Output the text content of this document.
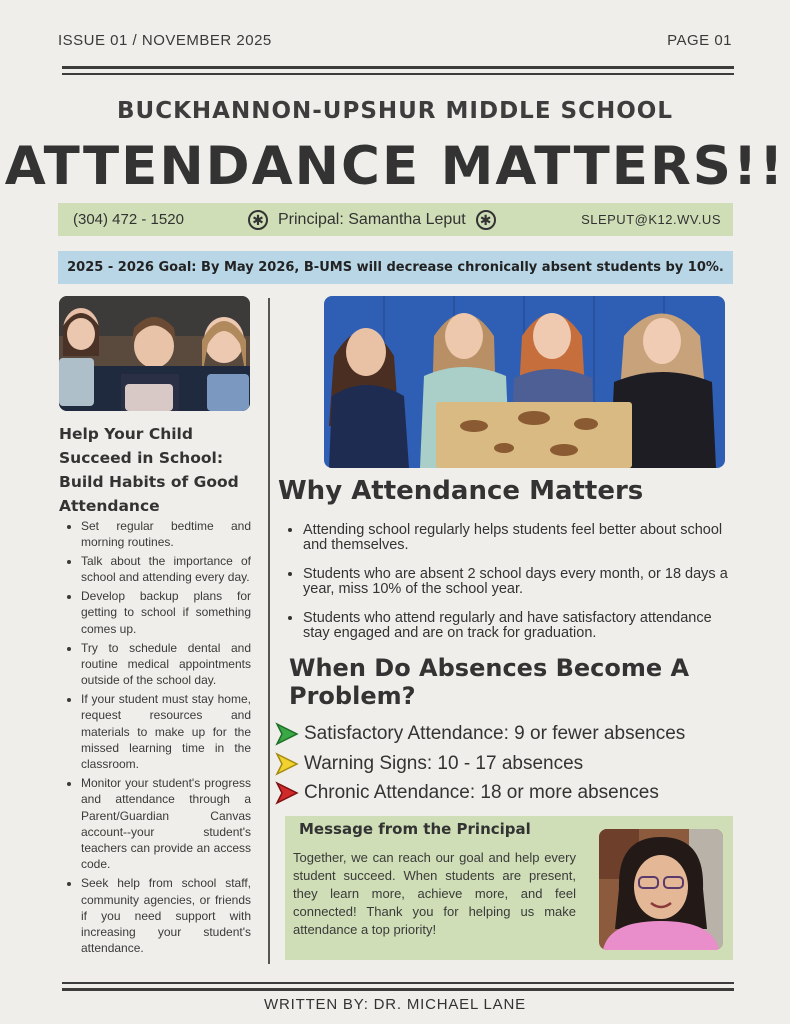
ISSUE 01 / NOVEMBER 2025	PAGE 01
BUCKHANNON-UPSHUR MIDDLE SCHOOL
ATTENDANCE MATTERS!!
(304) 472 - 1520	✱ Principal: Samantha Leput ✱	SLEPUT@K12.WV.US
2025 - 2026 Goal: By May 2026, B-UMS will decrease chronically absent students by 10%.
Help Your Child Succeed in School: Build Habits of Good Attendance
• Set regular bedtime and morning routines.
• Talk about the importance of school and attending every day.
• Develop backup plans for getting to school if something comes up.
• Try to schedule dental and routine medical appointments outside of the school day.
• If your student must stay home, request resources and materials to make up for the missed learning time in the classroom.
• Monitor your student's progress and attendance through a Parent/Guardian Canvas account--your student's teachers can provide an access code.
• Seek help from school staff, community agencies, or friends if you need support with increasing your student's attendance.
Why Attendance Matters
• Attending school regularly helps students feel better about school and themselves.
• Students who are absent 2 school days every month, or 18 days a year, miss 10% of the school year.
• Students who attend regularly and have satisfactory attendance stay engaged and are on track for graduation.
When Do Absences Become A Problem?
Satisfactory Attendance: 9 or fewer absences
Warning Signs: 10 - 17 absences
Chronic Attendance: 18 or more absences
Message from the Principal
Together, we can reach our goal and help every student succeed. When students are present, they learn more, achieve more, and feel connected! Thank you for helping us make attendance a top priority!
WRITTEN BY: DR. MICHAEL LANE
